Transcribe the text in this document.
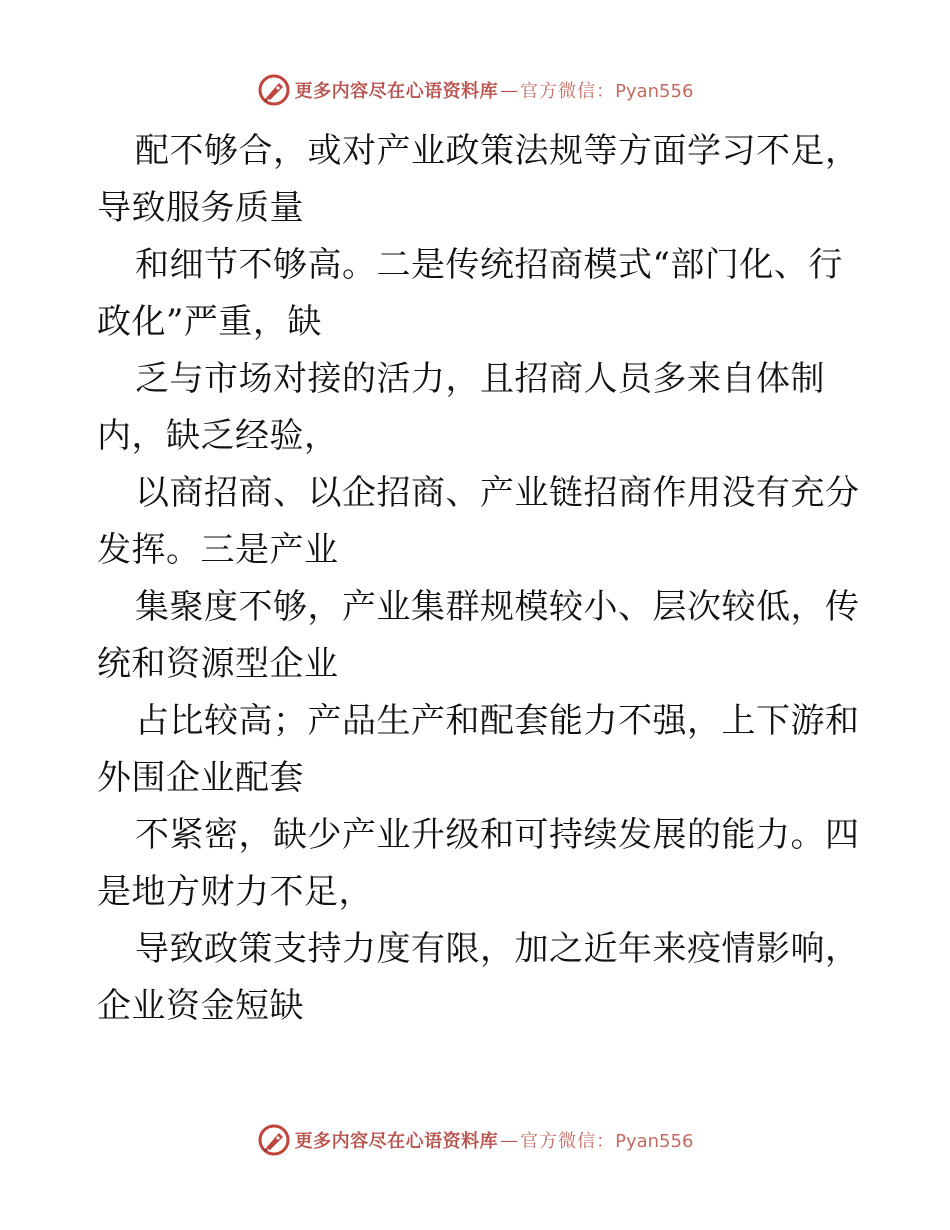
更多内容尽在心语资料库 — 官方微信：Pyan556
配不够合，或对产业政策法规等方面学习不足，
导致服务质量
和细节不够高。二是传统招商模式“部门化、行
政化”严重，缺
乏与市场对接的活力，且招商人员多来自体制
内，缺乏经验，
以商招商、以企招商、产业链招商作用没有充分
发挥。三是产业
集聚度不够，产业集群规模较小、层次较低，传
统和资源型企业
占比较高；产品生产和配套能力不强，上下游和
外围企业配套
不紧密，缺少产业升级和可持续发展的能力。四
是地方财力不足，
导致政策支持力度有限，加之近年来疫情影响，
企业资金短缺
更多内容尽在心语资料库 — 官方微信：Pyan556
